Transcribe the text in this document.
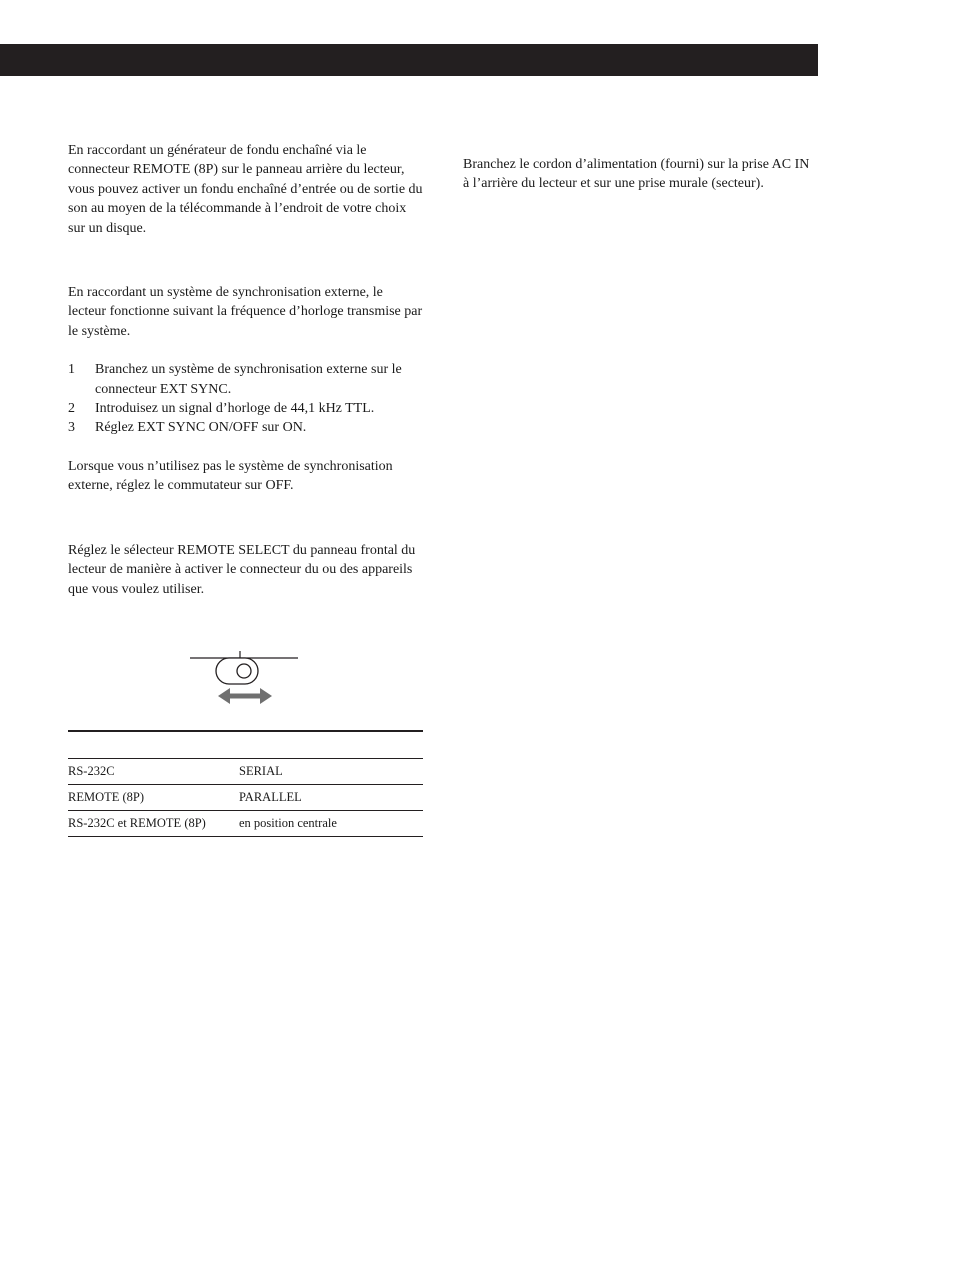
En raccordant un générateur de fondu enchaîné via le connecteur REMOTE (8P) sur le panneau arrière du lecteur, vous pouvez activer un fondu enchaîné d’entrée ou de sortie du son au moyen de la télécommande à l’endroit de votre choix sur un disque.

En raccordant un système de synchronisation externe, le lecteur fonctionne suivant la fréquence d’horloge transmise par le système.

1	Branchez un système de synchronisation externe sur le connecteur EXT SYNC.
2	Introduisez un signal d’horloge de 44,1 kHz TTL.
3	Réglez EXT SYNC ON/OFF sur ON.

Lorsque vous n’utilisez pas le système de synchronisation externe, réglez le commutateur sur OFF.

Réglez le sélecteur REMOTE SELECT du panneau frontal du lecteur de manière à activer le connecteur du ou des appareils que vous voulez utiliser.

RS-232C	SERIAL
REMOTE (8P)	PARALLEL
RS-232C et REMOTE (8P)	en position centrale

Branchez le cordon d’alimentation (fourni) sur la prise AC IN à l’arrière du lecteur et sur une prise murale (secteur).
